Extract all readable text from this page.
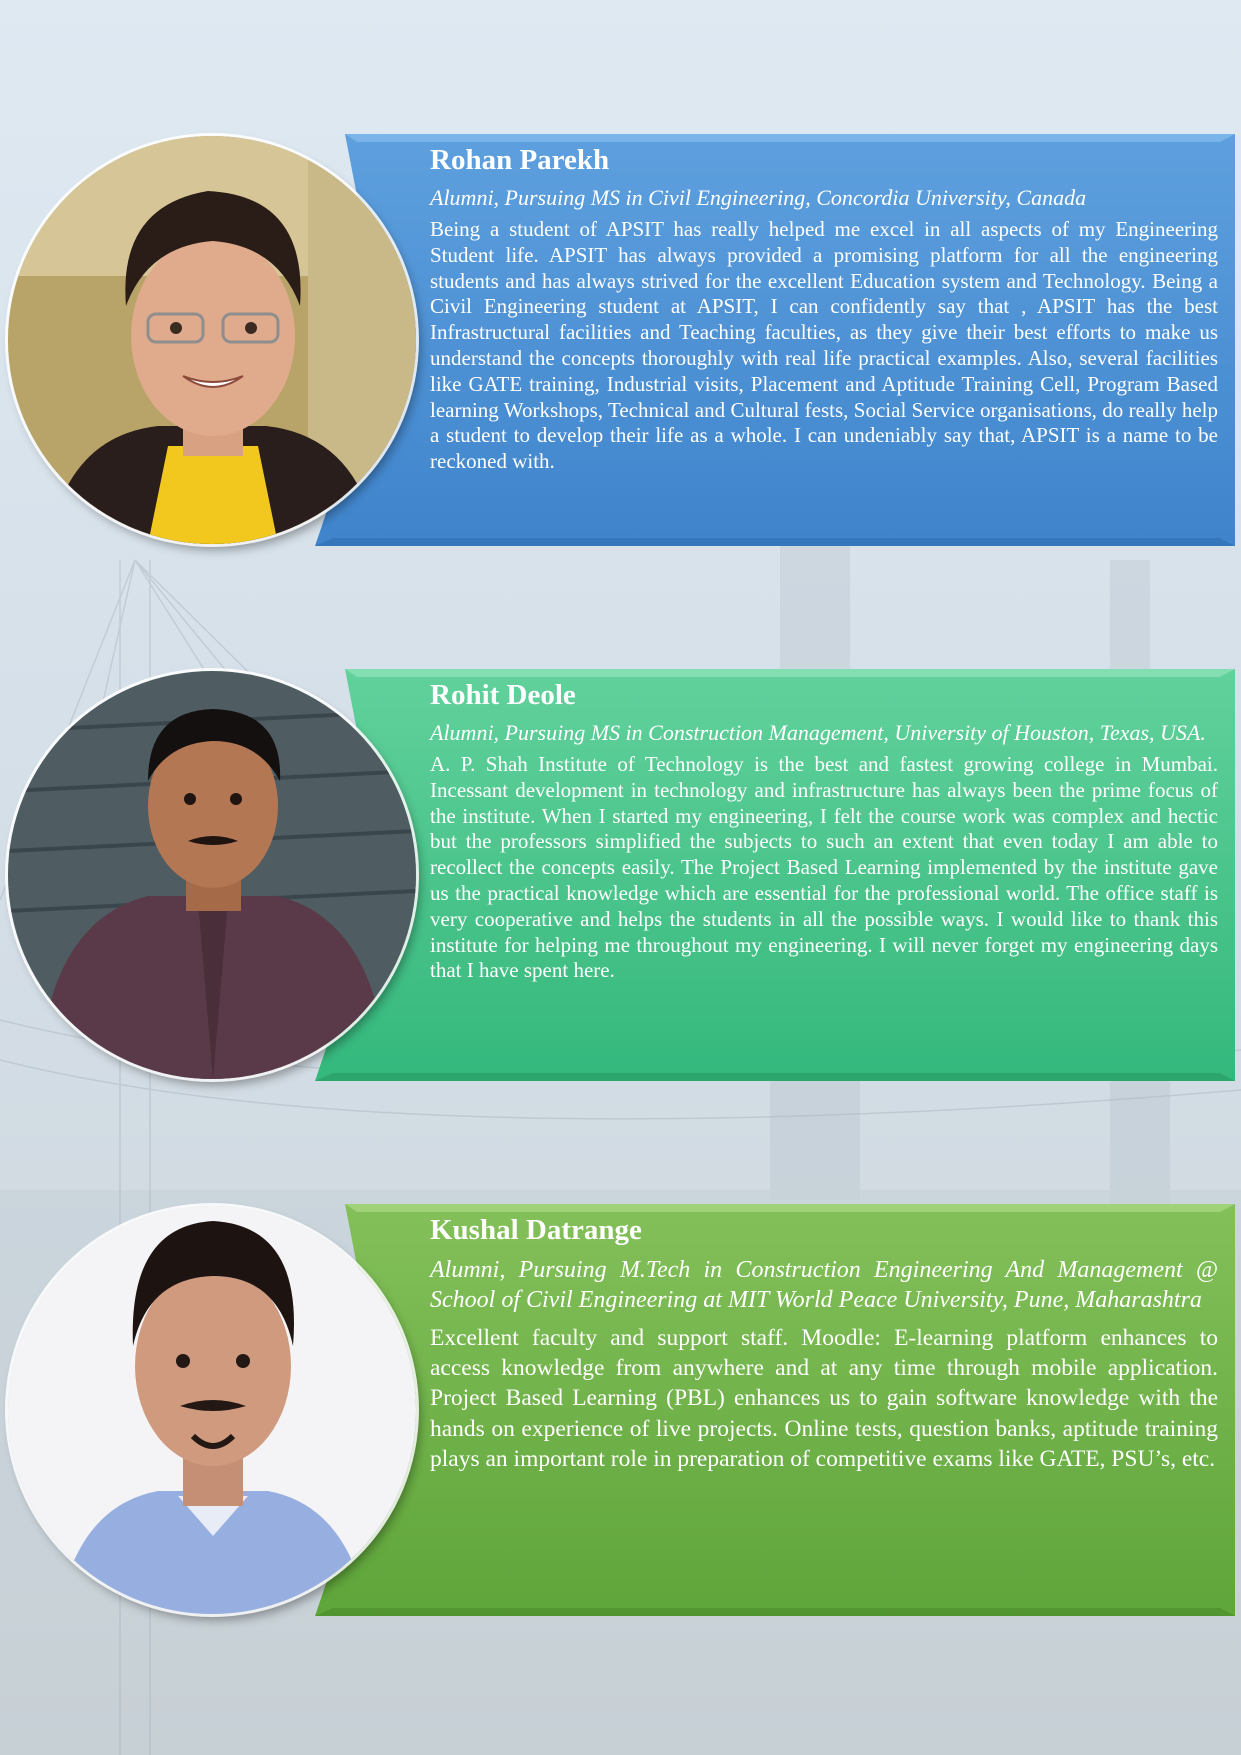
Rohan Parekh
Alumni, Pursuing MS in Civil Engineering, Concordia University, Canada

Being a student of APSIT has really helped me excel in all aspects of my Engineering Student life. APSIT has always provided a promising platform for all the engineering students and has always strived for the excellent Education system and Technology. Being a Civil Engineering student at APSIT, I can confidently say that , APSIT has the best Infrastructural facilities and Teaching faculties, as they give their best efforts to make us understand the concepts thoroughly with real life practical examples. Also, several facilities like GATE training, Industrial visits, Placement and Aptitude Training Cell, Program Based learning Workshops, Technical and Cultural fests, Social Service organisations, do really help a student to develop their life as a whole. I can undeniably say that, APSIT is a name to be reckoned with.

Rohit Deole
Alumni, Pursuing MS in Construction Management, University of Houston, Texas, USA.

A. P. Shah Institute of Technology is the best and fastest growing college in Mumbai. Incessant development in technology and infrastructure has always been the prime focus of the institute. When I started my engineering, I felt the course work was complex and hectic but the professors simplified the subjects to such an extent that even today I am able to recollect the concepts easily. The Project Based Learning implemented by the institute gave us the practical knowledge which are essential for the professional world. The office staff is very cooperative and helps the students in all the possible ways. I would like to thank this institute for helping me throughout my engineering. I will never forget my engineering days that I have spent here.

Kushal Datrange
Alumni, Pursuing M.Tech in Construction Engineering And Management @ School of Civil Engineering at MIT World Peace University, Pune, Maharashtra

Excellent faculty and support staff. Moodle: E-learning platform enhances to access knowledge from anywhere and at any time through mobile application. Project Based Learning (PBL) enhances us to gain software knowledge with the hands on experience of live projects. Online tests, question banks, aptitude training plays an important role in preparation of competitive exams like GATE, PSU’s, etc.
